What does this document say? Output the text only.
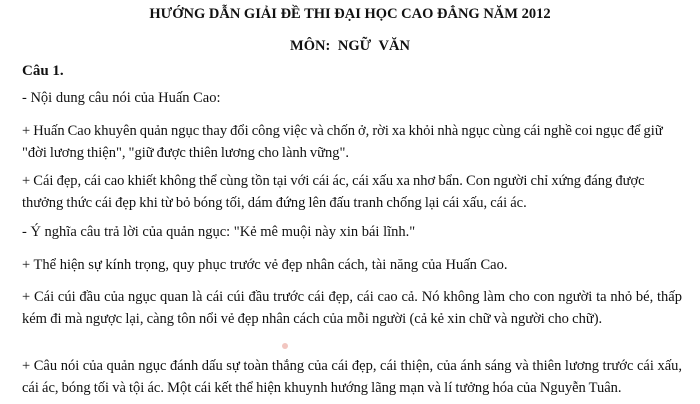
HƯỚNG DẪN GIẢI ĐỀ THI ĐẠI HỌC CAO ĐẲNG NĂM 2012

MÔN: NGỮ VĂN

Câu 1.

- Nội dung câu nói của Huấn Cao:

+ Huấn Cao khuyên quản ngục thay đổi công việc và chốn ở, rời xa khỏi nhà ngục cùng cái nghề coi ngục để giữ "đời lương thiện", "giữ được thiên lương cho lành vững".

+ Cái đẹp, cái cao khiết không thể cùng tồn tại với cái ác, cái xấu xa nhơ bẩn. Con người chỉ xứng đáng được thưởng thức cái đẹp khi từ bỏ bóng tối, dám đứng lên đấu tranh chống lại cái xấu, cái ác.

- Ý nghĩa câu trả lời của quản ngục: "Kẻ mê muội này xin bái lĩnh."

+ Thể hiện sự kính trọng, quy phục trước vẻ đẹp nhân cách, tài năng của Huấn Cao.

+ Cái cúi đầu của ngục quan là cái cúi đầu trước cái đẹp, cái cao cả. Nó không làm cho con người ta nhỏ bé, thấp kém đi mà ngược lại, càng tôn nổi vẻ đẹp nhân cách của mỗi người (cả kẻ xin chữ và người cho chữ).

+ Câu nói của quản ngục đánh dấu sự toàn thắng của cái đẹp, cái thiện, của ánh sáng và thiên lương trước cái xấu, cái ác, bóng tối và tội ác. Một cái kết thể hiện khuynh hướng lãng mạn và lí tưởng hóa của Nguyễn Tuân.
